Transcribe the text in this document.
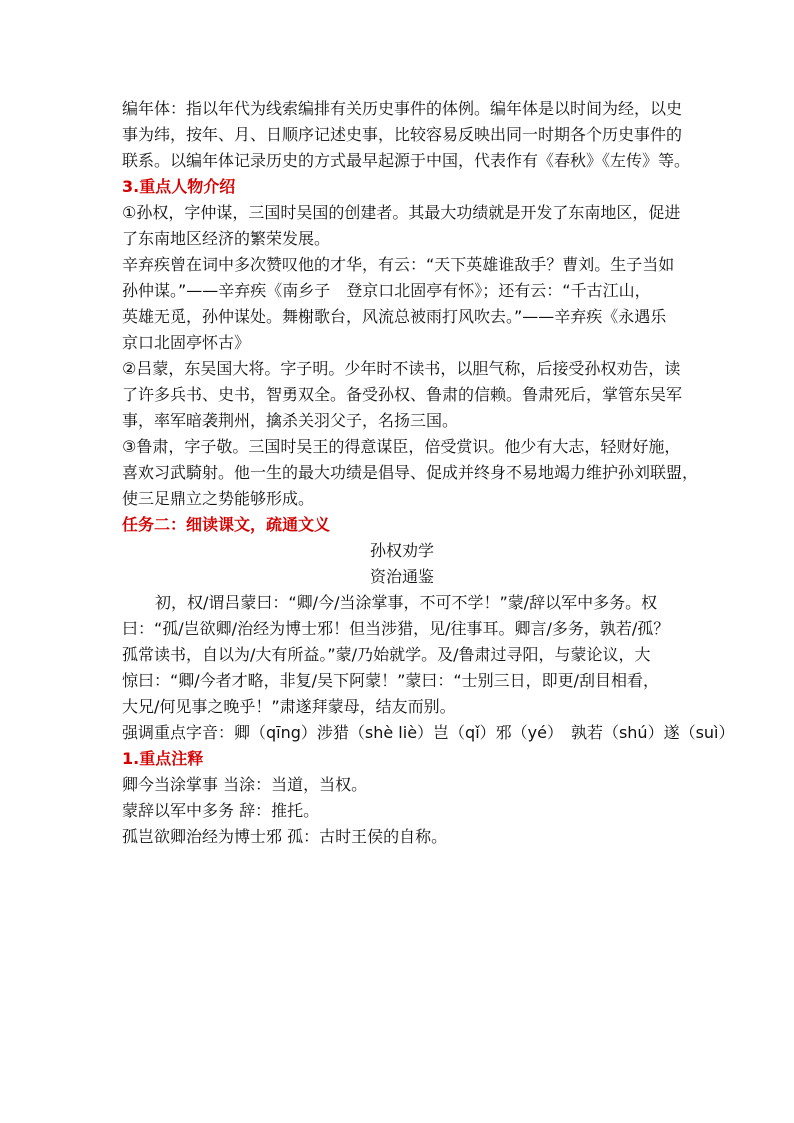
编年体：指以年代为线索编排有关历史事件的体例。编年体是以时间为经，以史
事为纬，按年、月、日顺序记述史事，比较容易反映出同一时期各个历史事件的
联系。以编年体记录历史的方式最早起源于中国，代表作有《春秋》《左传》等。
3.重点人物介绍
①孙权，字仲谋，三国时吴国的创建者。其最大功绩就是开发了东南地区，促进
了东南地区经济的繁荣发展。
辛弃疾曾在词中多次赞叹他的才华，有云：“天下英雄谁敌手？曹刘。生子当如
孙仲谋。”——辛弃疾《南乡子　登京口北固亭有怀》；还有云：“千古江山，
英雄无觅，孙仲谋处。舞榭歌台，风流总被雨打风吹去。”——辛弃疾《永遇乐
京口北固亭怀古》
②吕蒙，东吴国大将。字子明。少年时不读书，以胆气称，后接受孙权劝告，读
了许多兵书、史书，智勇双全。备受孙权、鲁肃的信赖。鲁肃死后，掌管东吴军
事，率军暗袭荆州，擒杀关羽父子，名扬三国。
③鲁肃，字子敬。三国时吴王的得意谋臣，倍受赏识。他少有大志，轻财好施，
喜欢习武騎射。他一生的最大功绩是倡导、促成并终身不易地竭力维护孙刘联盟，
使三足鼎立之势能够形成。
任务二：细读课文，疏通文义
孙权劝学
资治通鉴
初，权/谓吕蒙曰：“卿/今/当涂掌事，不可不学！”蒙/辞以军中多务。权
曰：“孤/岂欲卿/治经为博士邪！但当涉猎，见/往事耳。卿言/多务，孰若/孤？
孤常读书，自以为/大有所益。”蒙/乃始就学。及/鲁肃过寻阳，与蒙论议，大
惊曰：“卿/今者才略，非复/吴下阿蒙！”蒙曰：“士别三日，即更/刮目相看，
大兄/何见事之晚乎！”肃遂拜蒙母，结友而别。
强调重点字音：卿（qīng）涉猎（shè liè）岂（qǐ）邪（yé）　孰若（shú）遂（suì）
1.重点注释
卿今当涂掌事 当涂：当道，当权。
蒙辞以军中多务 辞：推托。
孤岂欲卿治经为博士邪 孤：古时王侯的自称。
